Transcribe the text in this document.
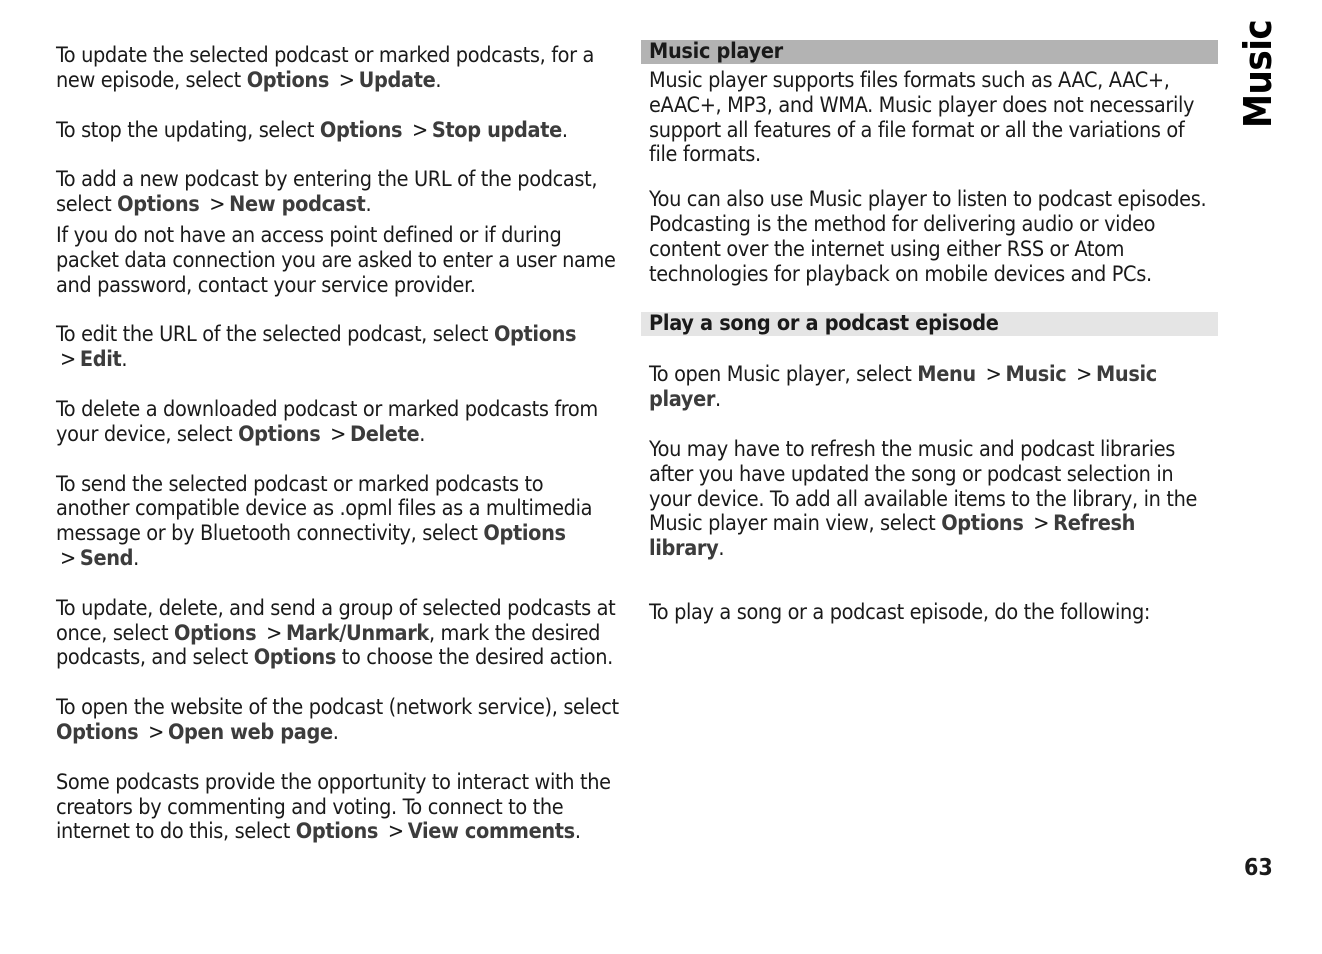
To update the selected podcast or marked podcasts, for a new episode, select Options > Update.

To stop the updating, select Options > Stop update.

To add a new podcast by entering the URL of the podcast, select Options > New podcast.

If you do not have an access point defined or if during packet data connection you are asked to enter a user name and password, contact your service provider.

To edit the URL of the selected podcast, select Options > Edit.

To delete a downloaded podcast or marked podcasts from your device, select Options > Delete.

To send the selected podcast or marked podcasts to another compatible device as .opml files as a multimedia message or by Bluetooth connectivity, select Options > Send.

To update, delete, and send a group of selected podcasts at once, select Options > Mark/Unmark, mark the desired podcasts, and select Options to choose the desired action.

To open the website of the podcast (network service), select Options > Open web page.

Some podcasts provide the opportunity to interact with the creators by commenting and voting. To connect to the internet to do this, select Options > View comments.

Music player

Music player supports files formats such as AAC, AAC+, eAAC+, MP3, and WMA. Music player does not necessarily support all features of a file format or all the variations of file formats.

You can also use Music player to listen to podcast episodes. Podcasting is the method for delivering audio or video content over the internet using either RSS or Atom technologies for playback on mobile devices and PCs.

Play a song or a podcast episode

To open Music player, select Menu > Music > Music player.

You may have to refresh the music and podcast libraries after you have updated the song or podcast selection in your device. To add all available items to the library, in the Music player main view, select Options > Refresh library.

To play a song or a podcast episode, do the following:

Music
63
